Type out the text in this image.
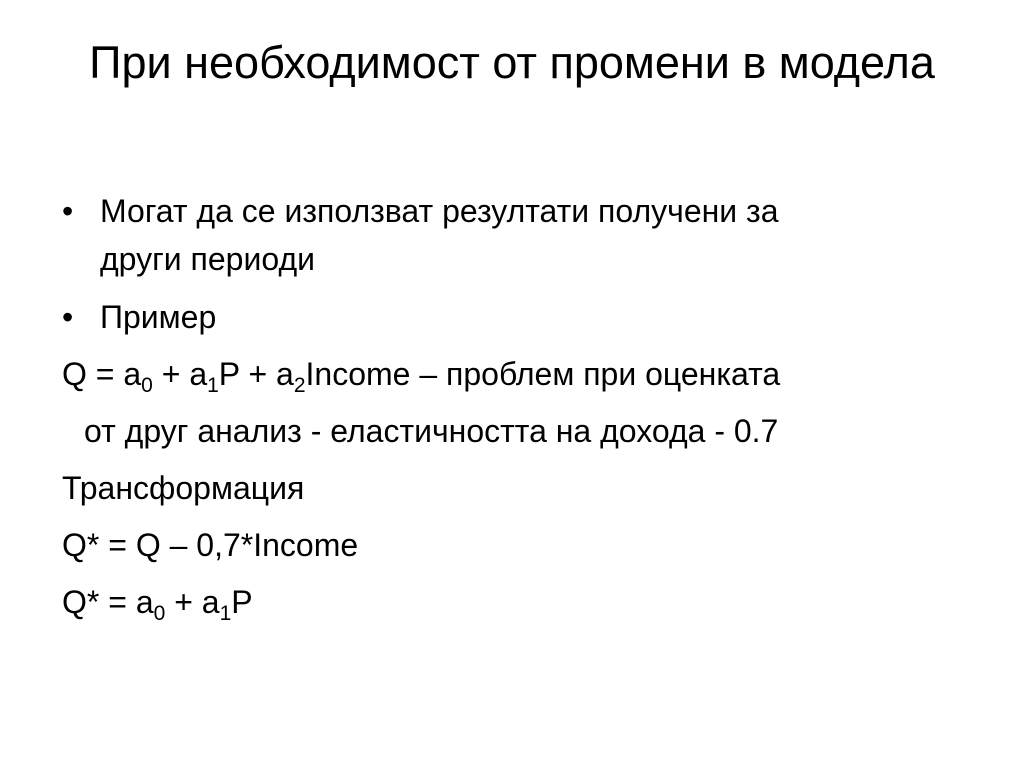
При необходимост от промени в модела
• Могат да се използват резултати получени за
други периоди
• Пример
$Q = a_0 + a_1P$ + $a_2Income$ – проблем при оценката
от друг анализ - еластичността на дохода - 0.7
Трансформация
Q* = Q – 0,7*Income
$Q* = a_0 + a_1P$
